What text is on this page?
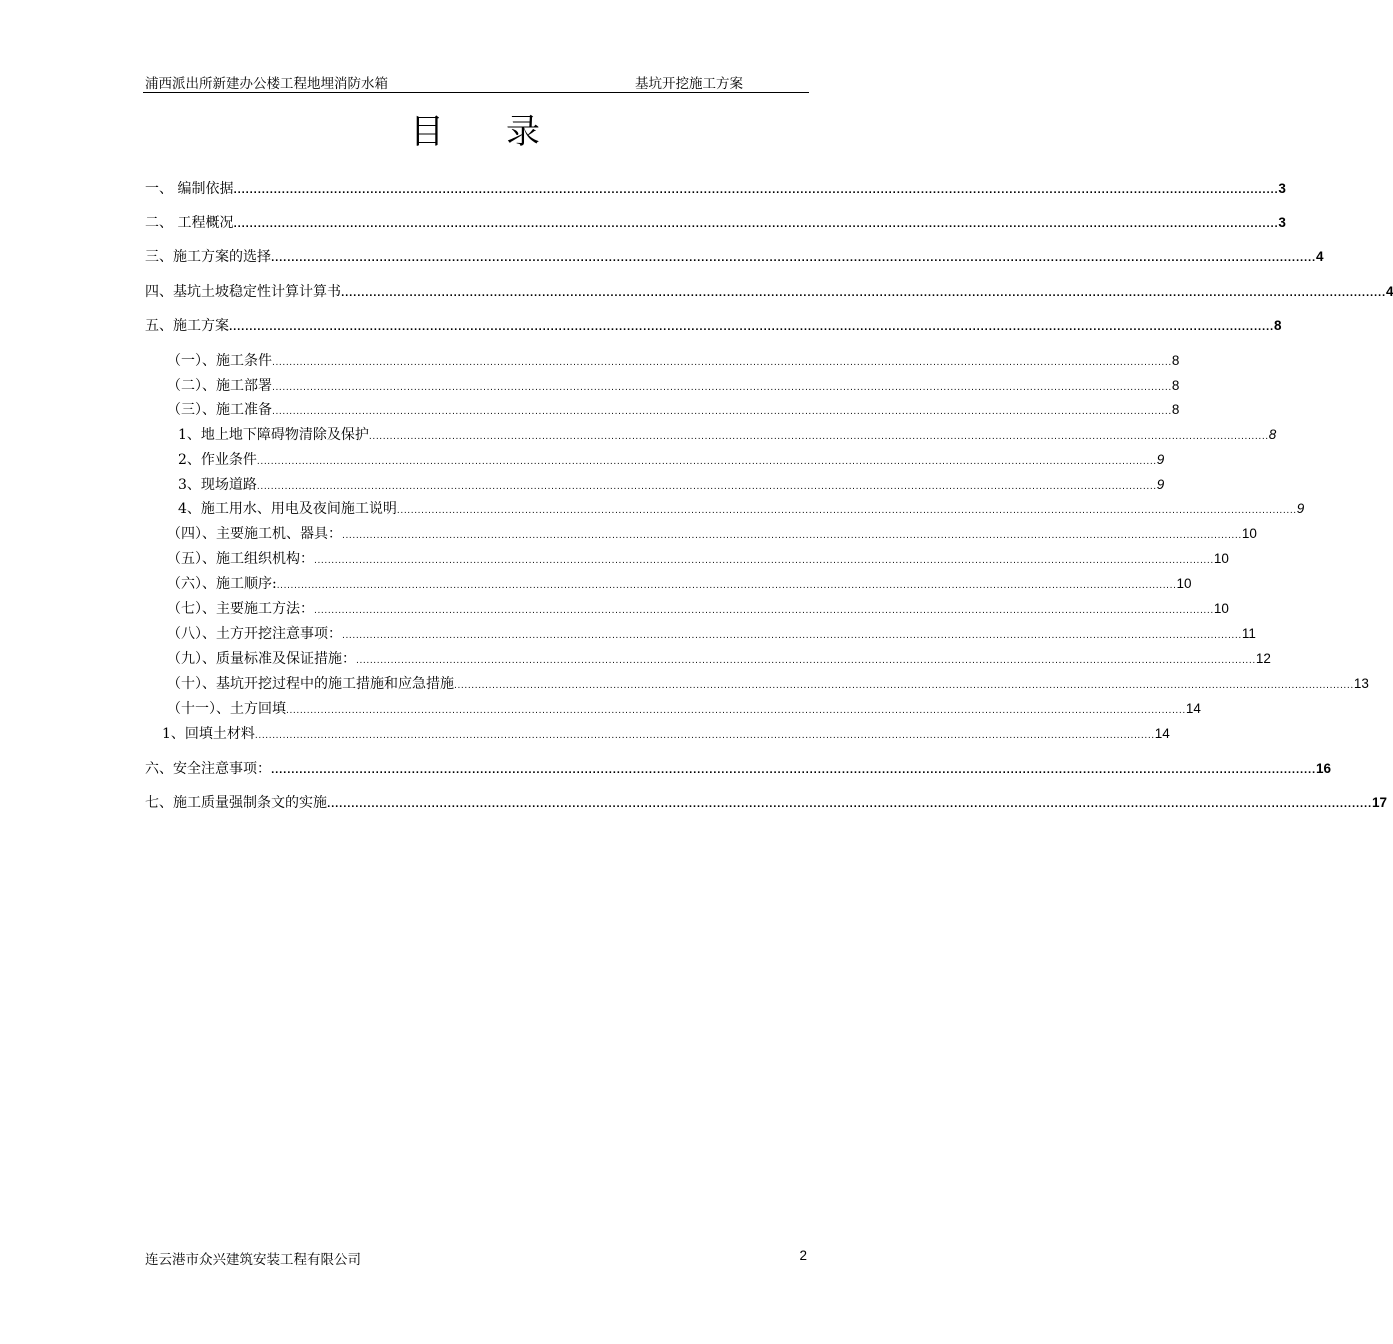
浦西派出所新建办公楼工程地埋消防水箱	基坑开挖施工方案
目录
一、 编制依据 .................................................................................................................................................................................................................................................................... 3
二、 工程概况 .................................................................................................................................................................................................................................................................... 3
三、施工方案的选择 .................................................................................................................................................................................................................................................................... 4
四、基坑土坡稳定性计算计算书 .................................................................................................................................................................................................................................................................... 4
五、施工方案 .................................................................................................................................................................................................................................................................... 8
（一）、施工条件 .................................................................................................................................................................................................................................................................... 8
（二）、施工部署 .................................................................................................................................................................................................................................................................... 8
（三）、施工准备 .................................................................................................................................................................................................................................................................... 8
1、地上地下障碍物清除及保护 .................................................................................................................................................................................................................................................................... 8
2、作业条件 .................................................................................................................................................................................................................................................................... 9
3、现场道路 .................................................................................................................................................................................................................................................................... 9
4、施工用水、用电及夜间施工说明 .................................................................................................................................................................................................................................................................... 9
（四）、主要施工机、器具： .................................................................................................................................................................................................................................................................... 10
（五）、施工组织机构： .................................................................................................................................................................................................................................................................... 10
（六）、施工顺序: .................................................................................................................................................................................................................................................................... 10
（七）、主要施工方法： .................................................................................................................................................................................................................................................................... 10
（八）、土方开挖注意事项： .................................................................................................................................................................................................................................................................... 11
（九）、质量标准及保证措施： .................................................................................................................................................................................................................................................................... 12
（十）、基坑开挖过程中的施工措施和应急措施 .................................................................................................................................................................................................................................................................... 13
（十一）、土方回填 .................................................................................................................................................................................................................................................................... 14
1、回填土材料 .................................................................................................................................................................................................................................................................... 14
六、安全注意事项： .................................................................................................................................................................................................................................................................... 16
七、施工质量强制条文的实施 .................................................................................................................................................................................................................................................................... 17
连云港市众兴建筑安装工程有限公司	2
